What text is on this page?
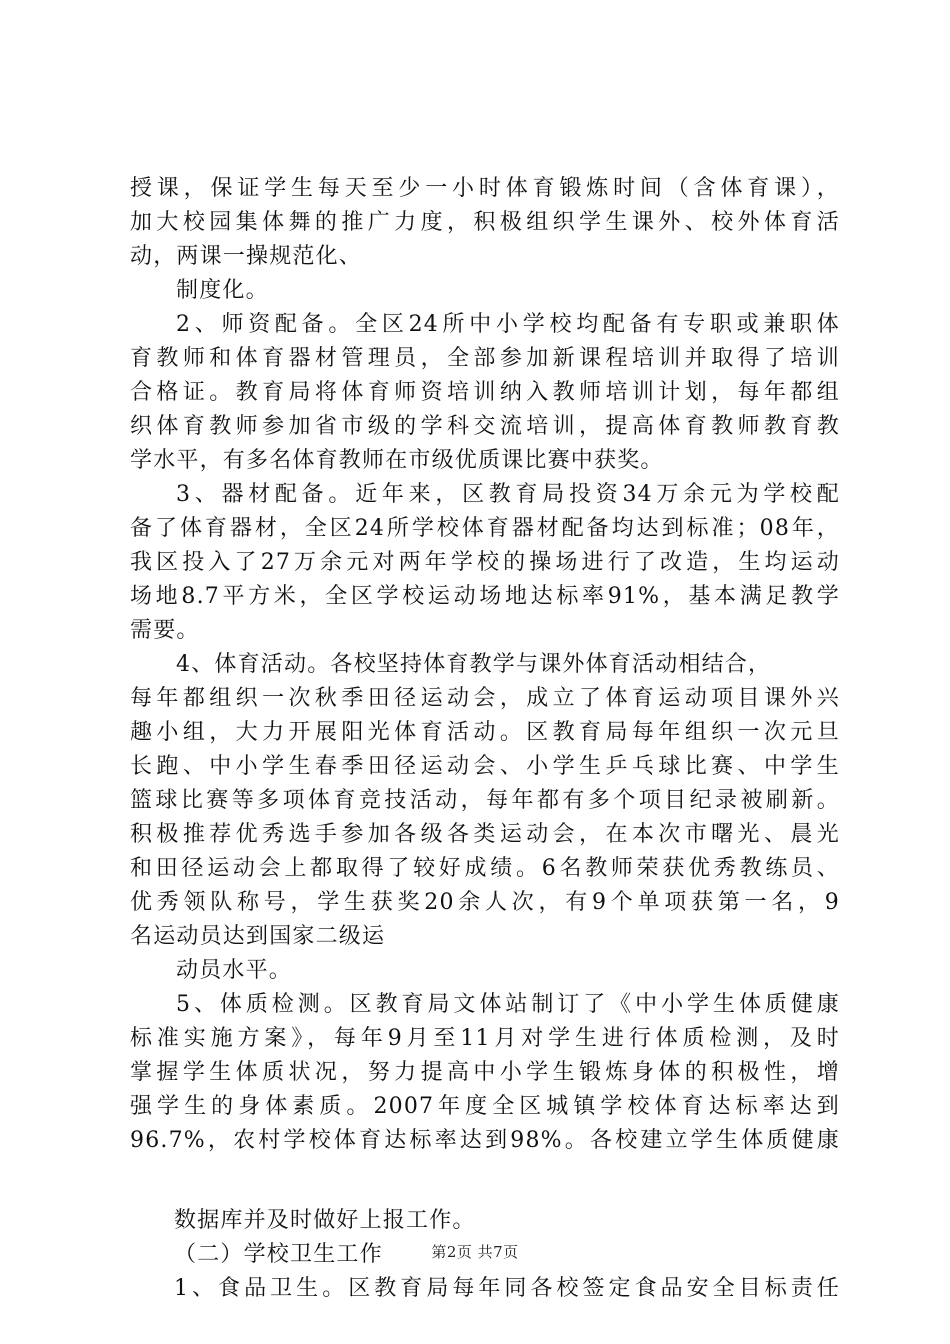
授课，保证学生每天至少一小时体育锻炼时间（含体育课），
加大校园集体舞的推广力度，积极组织学生课外、校外体育活
动，两课一操规范化、
制度化。
2、师资配备。全区24所中小学校均配备有专职或兼职体
育教师和体育器材管理员，全部参加新课程培训并取得了培训
合格证。教育局将体育师资培训纳入教师培训计划，每年都组
织体育教师参加省市级的学科交流培训，提高体育教师教育教
学水平，有多名体育教师在市级优质课比赛中获奖。
3、器材配备。近年来，区教育局投资34万余元为学校配
备了体育器材，全区24所学校体育器材配备均达到标准；08年，
我区投入了27万余元对两年学校的操场进行了改造，生均运动
场地8.7平方米，全区学校运动场地达标率91%，基本满足教学
需要。
4、体育活动。各校坚持体育教学与课外体育活动相结合，
每年都组织一次秋季田径运动会，成立了体育运动项目课外兴
趣小组，大力开展阳光体育活动。区教育局每年组织一次元旦
长跑、中小学生春季田径运动会、小学生乒乓球比赛、中学生
篮球比赛等多项体育竞技活动，每年都有多个项目纪录被刷新。
积极推荐优秀选手参加各级各类运动会，在本次市曙光、晨光
和田径运动会上都取得了较好成绩。6名教师荣获优秀教练员、
优秀领队称号，学生获奖20余人次，有9个单项获第一名，9
名运动员达到国家二级运
动员水平。
5、体质检测。区教育局文体站制订了《中小学生体质健康
标准实施方案》，每年9月至11月对学生进行体质检测，及时
掌握学生体质状况，努力提高中小学生锻炼身体的积极性，增
强学生的身体素质。2007年度全区城镇学校体育达标率达到
96.7%，农村学校体育达标率达到98%。各校建立学生体质健康
数据库并及时做好上报工作。
（二）学校卫生工作
1、食品卫生。区教育局每年同各校签定食品安全目标责任
第2页 共7页
